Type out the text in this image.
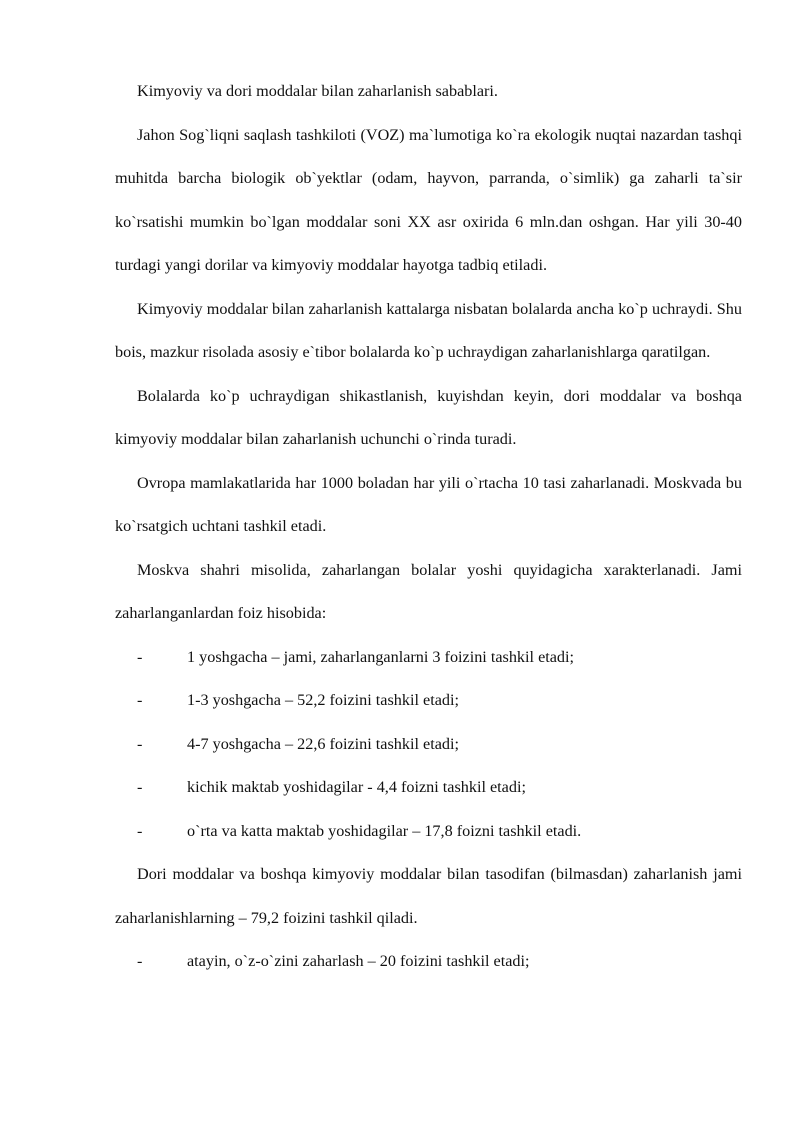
Kimyoviy va dori moddalar bilan zaharlanish sabablari.

Jahon Sog`liqni saqlash tashkiloti (VOZ) ma`lumotiga ko`ra ekologik nuqtai nazardan tashqi muhitda barcha biologik ob`yektlar (odam, hayvon, parranda, o`simlik) ga zaharli ta`sir ko`rsatishi mumkin bo`lgan moddalar soni XX asr oxirida 6 mln.dan oshgan. Har yili 30-40 turdagi yangi dorilar va kimyoviy moddalar hayotga tadbiq etiladi.

Kimyoviy moddalar bilan zaharlanish kattalarga nisbatan bolalarda ancha ko`p uchraydi. Shu bois, mazkur risolada asosiy e`tibor bolalarda ko`p uchraydigan zaharlanishlarga qaratilgan.

Bolalarda ko`p uchraydigan shikastlanish, kuyishdan keyin, dori moddalar va boshqa kimyoviy moddalar bilan zaharlanish uchunchi o`rinda turadi.

Ovropa mamlakatlarida har 1000 boladan har yili o`rtacha 10 tasi zaharlanadi. Moskvada bu ko`rsatgich uchtani tashkil etadi.

Moskva shahri misolida, zaharlangan bolalar yoshi quyidagicha xarakterlanadi. Jami zaharlanganlardan foiz hisobida:

-	1 yoshgacha – jami, zaharlanganlarni 3 foizini tashkil etadi;
-	1-3 yoshgacha – 52,2 foizini tashkil etadi;
-	4-7 yoshgacha – 22,6 foizini tashkil etadi;
-	kichik maktab yoshidagilar - 4,4 foizni tashkil etadi;
-	o`rta va katta maktab yoshidagilar – 17,8 foizni tashkil etadi.

Dori moddalar va boshqa kimyoviy moddalar bilan tasodifan (bilmasdan) zaharlanish jami zaharlanishlarning – 79,2 foizini tashkil qiladi.

-	atayin, o`z-o`zini zaharlash – 20 foizini tashkil etadi;
